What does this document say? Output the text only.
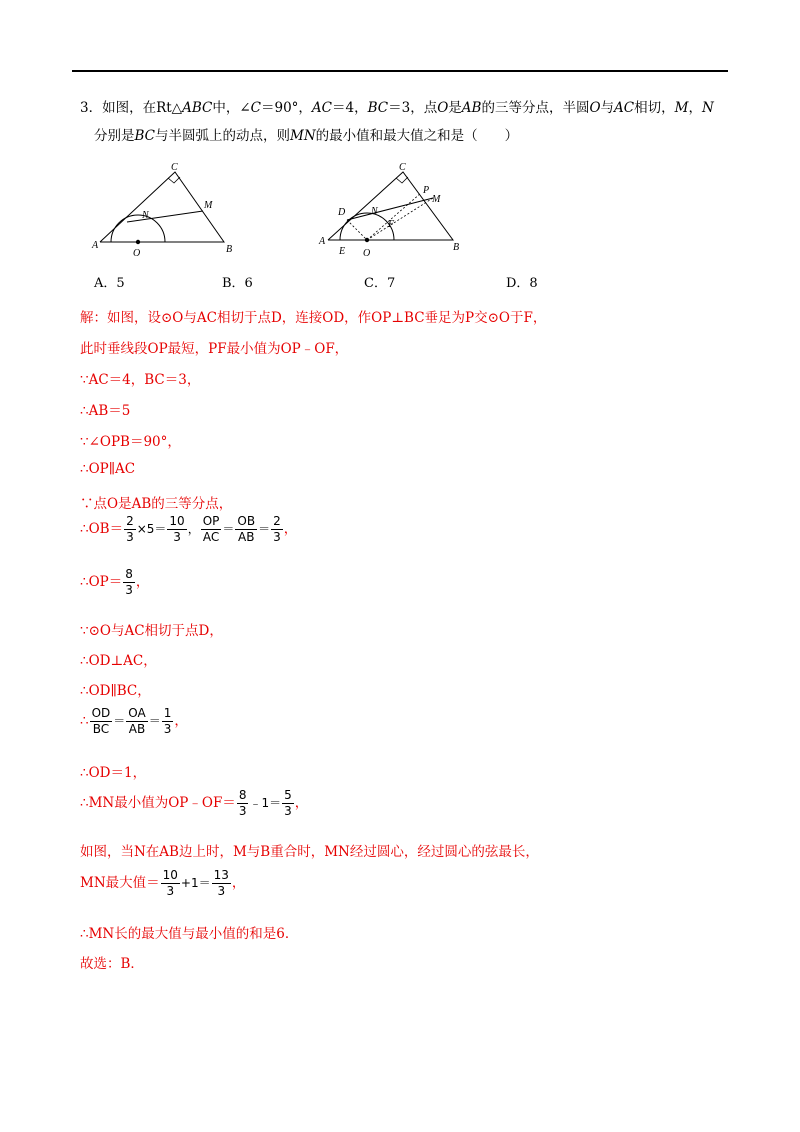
3．如图，在Rt△ABC中，∠C＝90°，AC＝4，BC＝3，点O是AB的三等分点，半圆O与AC相切，M，N
分别是BC与半圆弧上的动点，则MN的最小值和最大值之和是（　　）
C
A	B
M
N
O
C
A
B
D
E
N
O
P
M
F
A．5	B．6	C．7	D．8
解：如图，设⊙O与AC相切于点D，连接OD，作OP⊥BC垂足为P交⊙O于F，
此时垂线段OP最短，PF最小值为OP﹣OF，
∵AC＝4，BC＝3，
∴AB＝5
∵∠OPB＝90°，
∴OP∥AC
∵点O是AB的三等分点，
∴OB＝ $\frac{2}{3} \times 5= \frac{10}{3}$ ， $\frac{OP}{AC} = \frac{OB}{AB} = \frac{2}{3}$ ，
∴OP＝ $\frac{8}{3}$ ，
∵⊙O与AC相切于点D，
∴OD⊥AC，
∴OD∥BC，
∴ $\frac{OD}{BC} = \frac{OA}{AB} = \frac{1}{3}$ ，
∴OD＝1，
∴MN最小值为OP﹣OF＝ $\frac{8}{3}$ ﹣1＝ $\frac{5}{3}$ ，
如图，当N在AB边上时，M与B重合时，MN经过圆心，经过圆心的弦最长，
MN最大值＝ $\frac{10}{3} +1= \frac{13}{3}$ ，
∴MN长的最大值与最小值的和是6．
故选：B．
